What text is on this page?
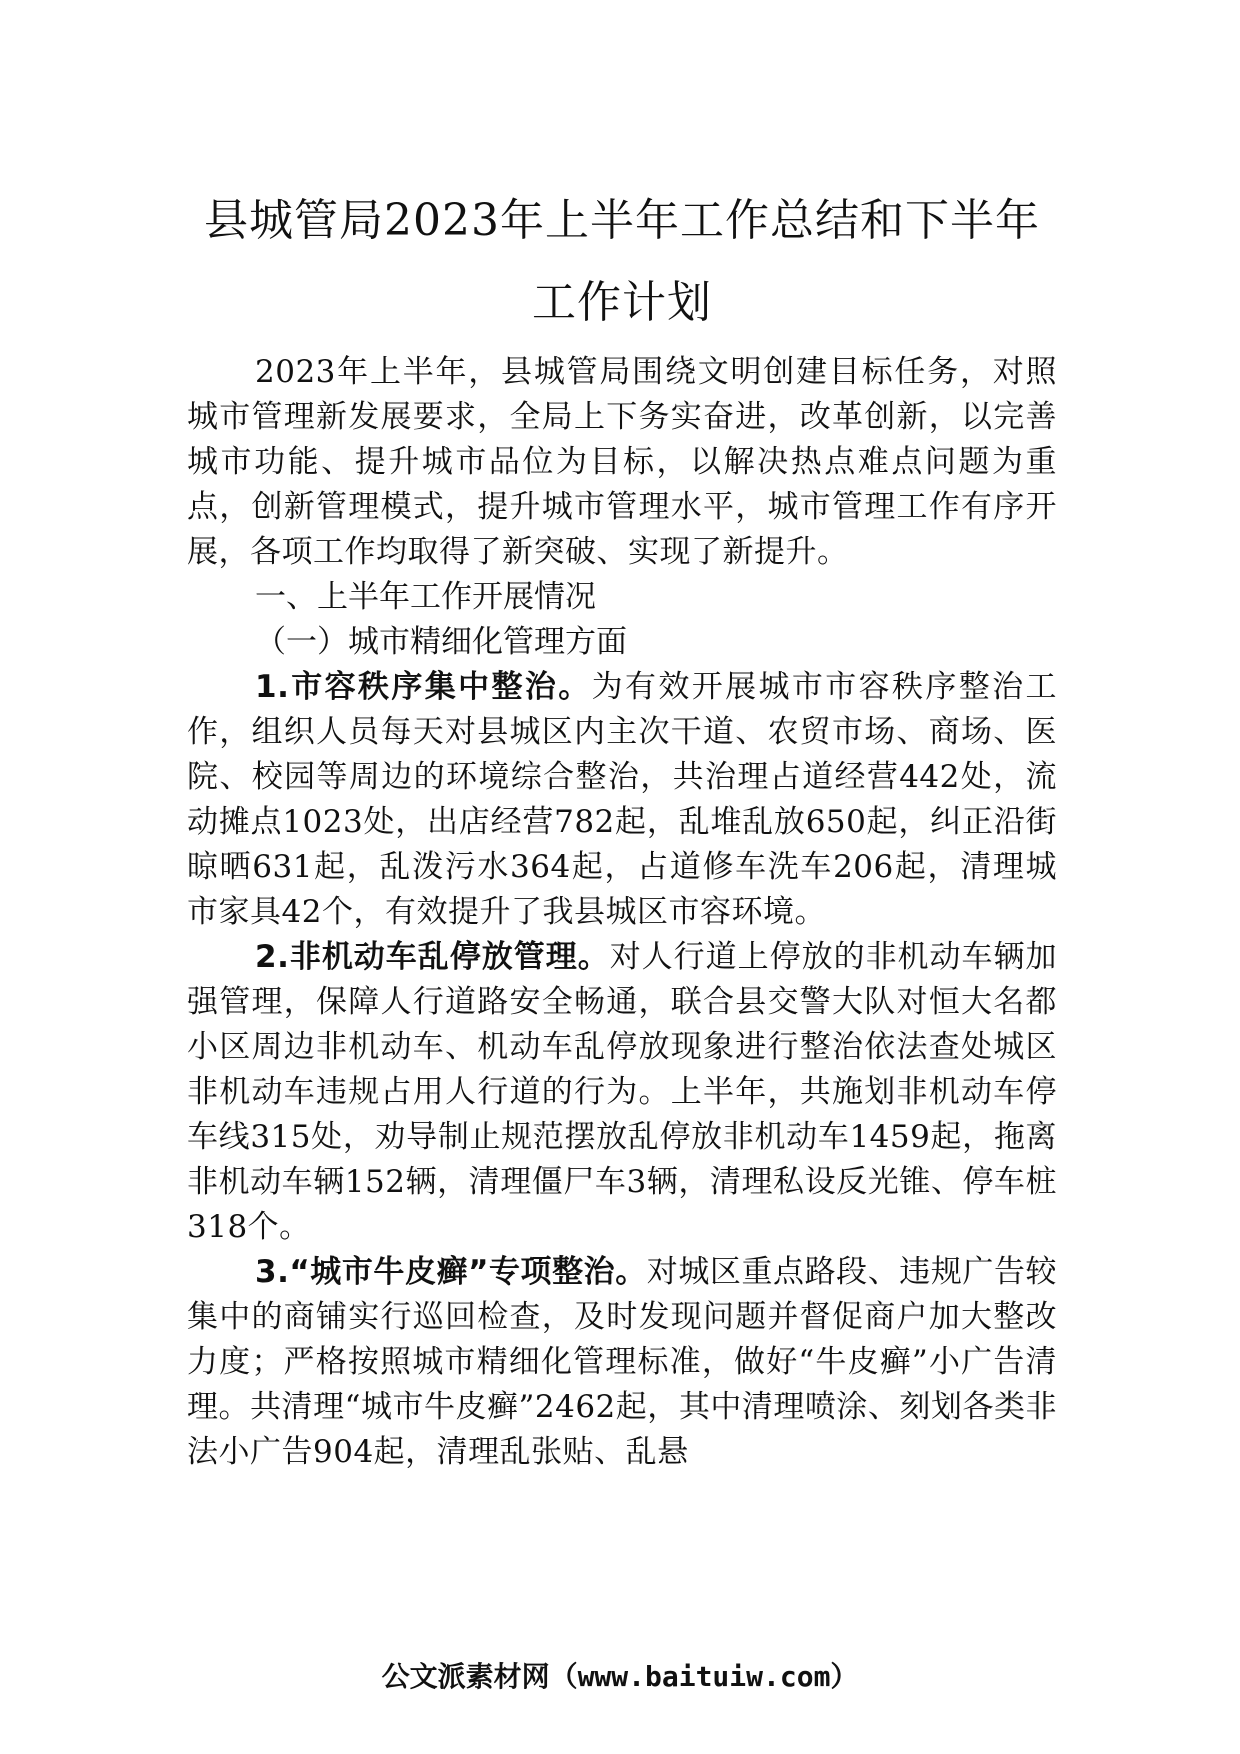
县城管局2023年上半年工作总结和下半年
工作计划

2023年上半年，县城管局围绕文明创建目标任务，对照城市管理新发展要求，全局上下务实奋进，改革创新，以完善城市功能、提升城市品位为目标，以解决热点难点问题为重点，创新管理模式，提升城市管理水平，城市管理工作有序开展，各项工作均取得了新突破、实现了新提升。

一、上半年工作开展情况

（一）城市精细化管理方面

1.市容秩序集中整治。为有效开展城市市容秩序整治工作，组织人员每天对县城区内主次干道、农贸市场、商场、医院、校园等周边的环境综合整治，共治理占道经营442处，流动摊点1023处，出店经营782起，乱堆乱放650起，纠正沿街晾晒631起，乱泼污水364起，占道修车洗车206起，清理城市家具42个，有效提升了我县城区市容环境。

2.非机动车乱停放管理。对人行道上停放的非机动车辆加强管理，保障人行道路安全畅通，联合县交警大队对恒大名都小区周边非机动车、机动车乱停放现象进行整治依法查处城区非机动车违规占用人行道的行为。上半年，共施划非机动车停车线315处，劝导制止规范摆放乱停放非机动车1459起，拖离非机动车辆152辆，清理僵尸车3辆，清理私设反光锥、停车桩318个。

3.“城市牛皮癣”专项整治。对城区重点路段、违规广告较集中的商铺实行巡回检查，及时发现问题并督促商户加大整改力度；严格按照城市精细化管理标准，做好“牛皮癣”小广告清理。共清理“城市牛皮癣”2462起，其中清理喷涂、刻划各类非法小广告904起，清理乱张贴、乱悬

公文派素材网（www.baituiw.com）
